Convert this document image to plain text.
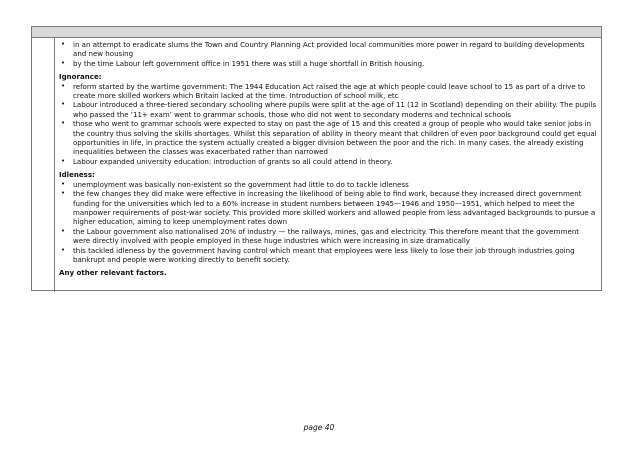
• in an attempt to eradicate slums the Town and Country Planning Act provided local communities more power in regard to building developments and new housing
• by the time Labour left government office in 1951 there was still a huge shortfall in British housing.
Ignorance:
• reform started by the wartime government: The 1944 Education Act raised the age at which people could leave school to 15 as part of a drive to create more skilled workers which Britain lacked at the time. Introduction of school milk, etc
• Labour introduced a three-tiered secondary schooling where pupils were split at the age of 11 (12 in Scotland) depending on their ability. The pupils who passed the ‘11+ exam’ went to grammar schools, those who did not went to secondary moderns and technical schools
• those who went to grammar schools were expected to stay on past the age of 15 and this created a group of people who would take senior jobs in the country thus solving the skills shortages. Whilst this separation of ability in theory meant that children of even poor background could get equal opportunities in life, in practice the system actually created a bigger division between the poor and the rich. In many cases, the already existing inequalities between the classes was exacerbated rather than narrowed
• Labour expanded university education: introduction of grants so all could attend in theory.
Idleness:
• unemployment was basically non-existent so the government had little to do to tackle idleness
• the few changes they did make were effective in increasing the likelihood of being able to find work, because they increased direct government funding for the universities which led to a 60% increase in student numbers between 1945—1946 and 1950—1951, which helped to meet the manpower requirements of post-war society. This provided more skilled workers and allowed people from less advantaged backgrounds to pursue a higher education, aiming to keep unemployment rates down
• the Labour government also nationalised 20% of industry — the railways, mines, gas and electricity. This therefore meant that the government were directly involved with people employed in these huge industries which were increasing in size dramatically
• this tackled idleness by the government having control which meant that employees were less likely to lose their job through industries going bankrupt and people were working directly to benefit society.
Any other relevant factors.
page 40
